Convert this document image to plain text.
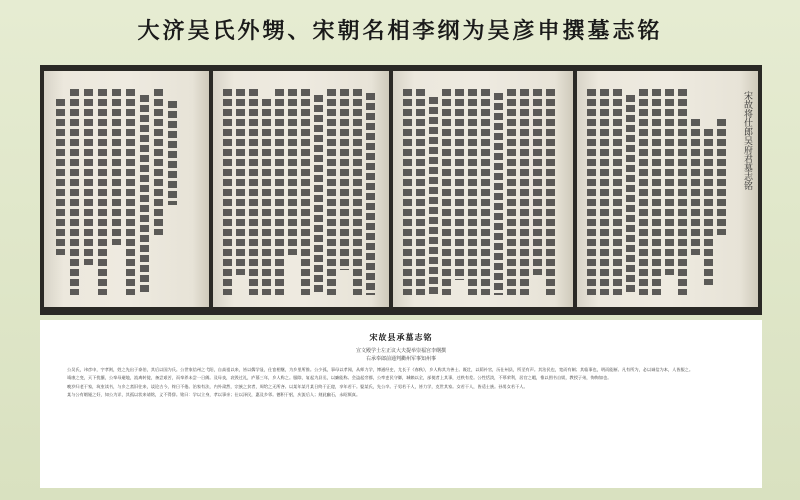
大济吴氏外甥、宋朝名相李纲为吴彦申撰墓志铭
宋故将仕郎吴府君墓志铭
宋故县承墓志铭
宣文殿学士左正议大夫提举崇福宫李纲撰
右承奉郎前通判衢州军事知州事

公吴氏，讳彦申，字孝则，姓之先出于泰伯，其后以国为氏。公世家信州之弋阳，自高祖以来，皆以儒学显，仕宦相继，为乡里所推。公少孤，事母以孝闻，从师力学，博通经史，尤长于《春秋》，乡人称其为善士。既壮，以荫补官，历仕州县，所至有声。其治民也，宽而有制；其临事也，明而能断。凡有所为，必以诚信为本，人皆服之。

靖康之变，天下扰攘，公奉母避地，流离转徙，备尝艰苦，而奉养未尝一日阙。及母丧，哀毁过礼，庐墓三年，乡人称之。服除，复起为县丞，以廉能称。会盗起旁郡，公率吏民守御，城赖以全，部使者上其事，迁秩有差。公性恬淡，不慕荣利，居官之暇，惟以图书自娱，教授子弟，恂恂如也。

晚岁归老于家，筑室读书，与乡之耆旧往来，谈论古今，终日不倦。治家有法，内外肃然，宗族之贫者，周给之无所吝。以某年某月某日终于正寝，享年若干。娶某氏，先公卒。子男若干人，皆力学，克世其家。女若干人，皆适士族。孙男女若干人。

某与公有姻娅之好，知公为详，其孤以状来请铭，义不得辞。铭曰：学以立身，孝以事亲；仕以泽民，惠及乡邻。德积于躬，庆流后人；刻此幽石，永昭厥真。
